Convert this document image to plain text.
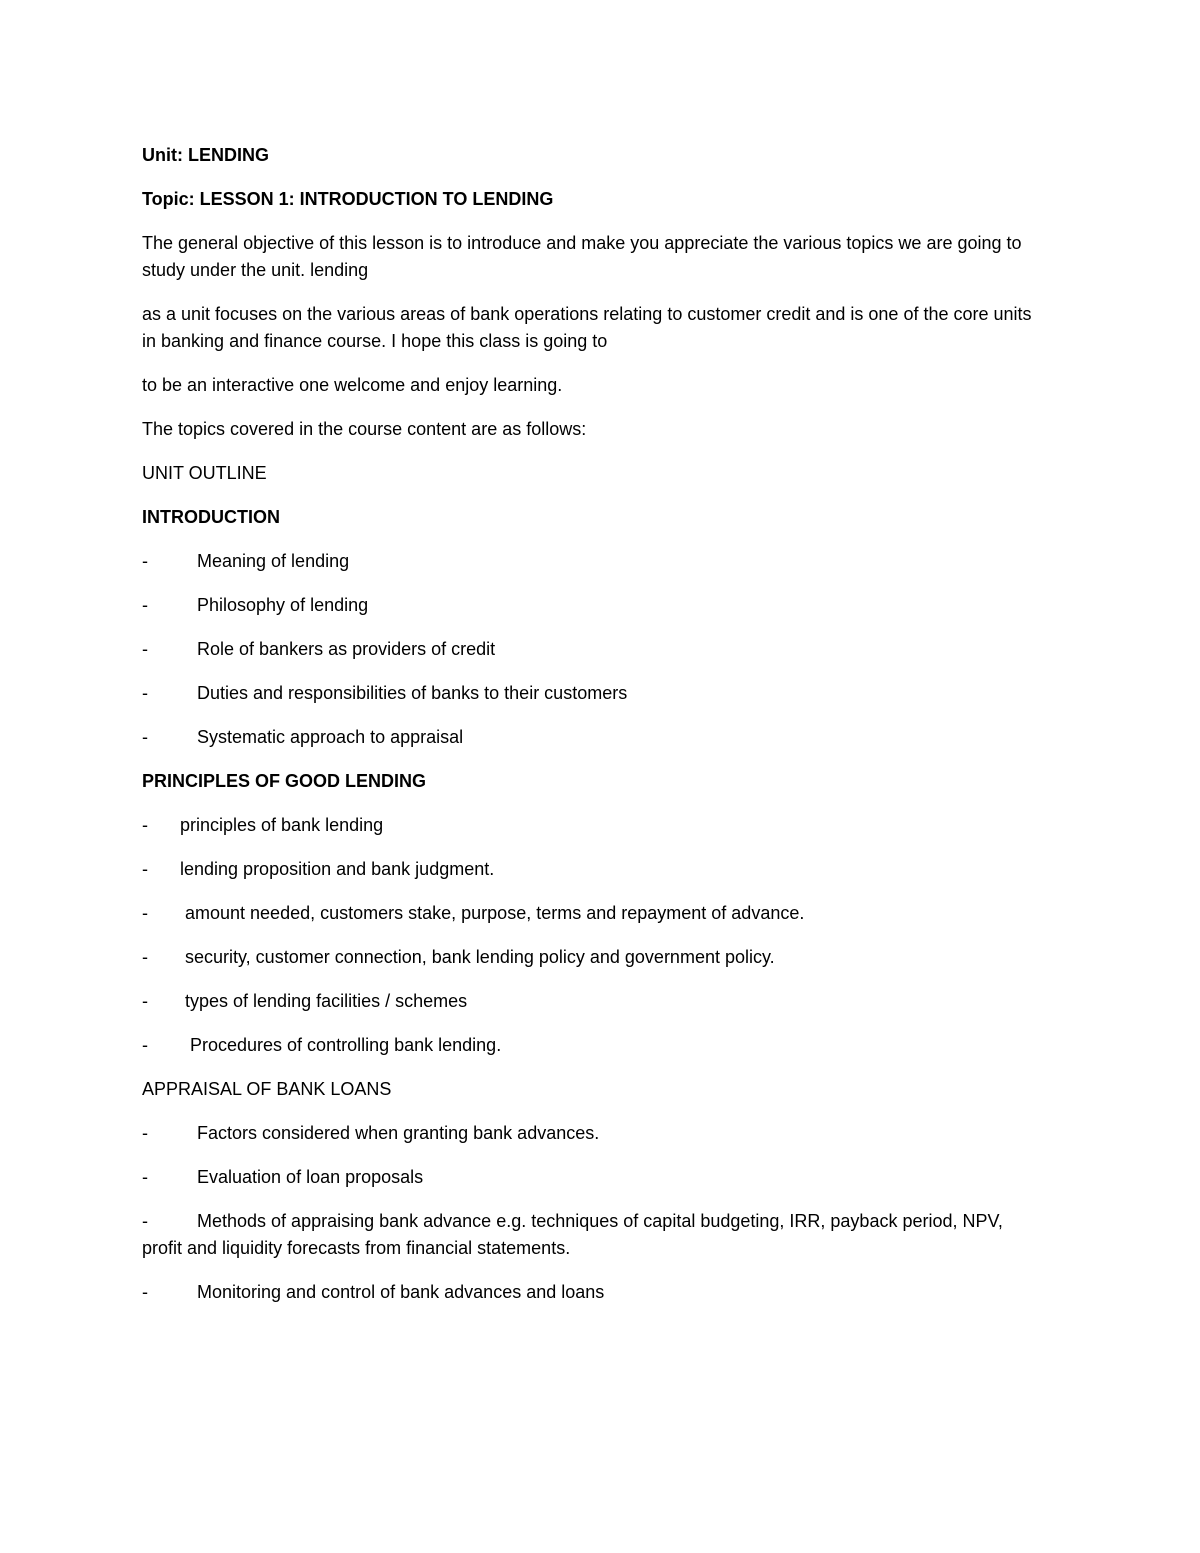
Unit: LENDING

Topic: LESSON 1: INTRODUCTION TO LENDING

The general objective of this lesson is to introduce and make you appreciate the various topics we are going to study under the unit. lending

as a unit focuses on the various areas of bank operations relating to customer credit and is one of the core units in banking and finance course. I hope this class is going to

to be an interactive one welcome and enjoy learning.

The topics covered in the course content are as follows:

UNIT OUTLINE

INTRODUCTION

-	Meaning of lending
-	Philosophy of lending
-	Role of bankers as providers of credit
-	Duties and responsibilities of banks to their customers
-	Systematic approach to appraisal

PRINCIPLES OF GOOD LENDING

- principles of bank lending
- lending proposition and bank judgment.
- amount needed, customers stake, purpose, terms and repayment of advance.
- security, customer connection, bank lending policy and government policy.
- types of lending facilities / schemes
- Procedures of controlling bank lending.

APPRAISAL OF BANK LOANS

-	Factors considered when granting bank advances.
-	Evaluation of loan proposals
-	Methods of appraising bank advance e.g. techniques of capital budgeting, IRR, payback period, NPV, profit and liquidity forecasts from financial statements.
-	Monitoring and control of bank advances and loans
